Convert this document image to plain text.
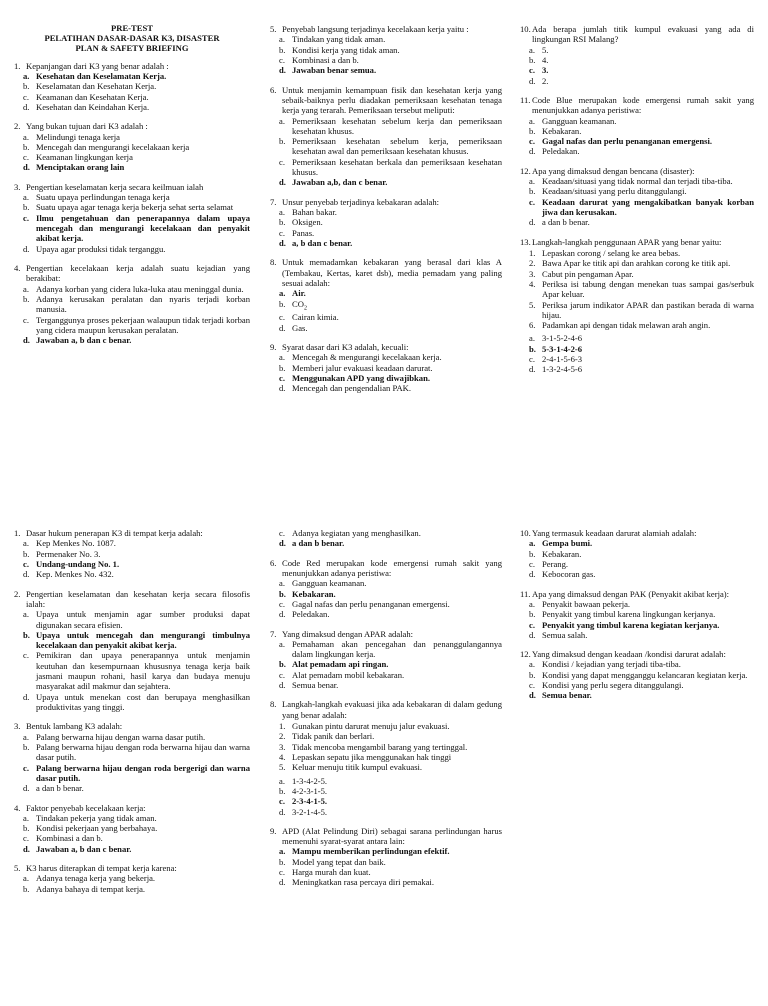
PRE-TEST
PELATIHAN DASAR-DASAR K3, DISASTER
PLAN & SAFETY BRIEFING
1. Kepanjangan dari K3 yang benar adalah :
a. Kesehatan dan Keselamatan Kerja.
b. Keselamatan dan Kesehatan Kerja.
c. Keamanan dan Kesehatan Kerja.
d. Kesehatan dan Keindahan Kerja.
2. Yang bukan tujuan dari K3 adalah :
a. Melindungi tenaga kerja
b. Mencegah dan mengurangi kecelakaan kerja
c. Keamanan lingkungan kerja
d. Menciptakan orang lain
3. Pengertian keselamatan kerja secara keilmuan ialah
a. Suatu upaya perlindungan tenaga kerja
b. Suatu upaya agar tenaga kerja bekerja sehat serta selamat
c. Ilmu pengetahuan dan penerapannya dalam upaya mencegah dan mengurangi kecelakaan dan penyakit akibat kerja.
d. Upaya agar produksi tidak terganggu.
4. Pengertian kecelakaan kerja adalah suatu kejadian yang berakibat:
a. Adanya korban yang cidera luka-luka atau meninggal dunia.
b. Adanya kerusakan peralatan dan nyaris terjadi korban manusia.
c. Terganggunya proses pekerjaan walaupun tidak terjadi korban yang cidera maupun kerusakan peralatan.
d. Jawaban a, b dan c benar.
5. Penyebab langsung terjadinya kecelakaan kerja yaitu :
a. Tindakan yang tidak aman.
b. Kondisi kerja yang tidak aman.
c. Kombinasi a dan b.
d. Jawaban benar semua.
6. Untuk menjamin kemampuan fisik dan kesehatan kerja yang sebaik-baiknya perlu diadakan pemeriksaan kesehatan tenaga kerja yang terarah. Pemeriksaan tersebut meliputi:
a. Pemeriksaan kesehatan sebelum kerja dan pemeriksaan kesehatan khusus.
b. Pemeriksaan kesehatan sebelum kerja, pemeriksaan kesehatan awal dan pemeriksaan kesehatan khusus.
c. Pemeriksaan kesehatan berkala dan pemeriksaan kesehatan khusus.
d. Jawaban a,b, dan c benar.
7. Unsur penyebab terjadinya kebakaran adalah:
a. Bahan bakar.
b. Oksigen.
c. Panas.
d. a, b dan c benar.
8. Untuk memadamkan kebakaran yang berasal dari klas A (Tembakau, Kertas, karet dsb), media pemadam yang paling sesuai adalah:
a. Air.
b. $CO_2$
c. Cairan kimia.
d. Gas.
9. Syarat dasar dari K3 adalah, kecuali:
a. Mencegah & mengurangi kecelakaan kerja.
b. Memberi jalur evakuasi keadaan darurat.
c. Menggunakan APD yang diwajibkan.
d. Mencegah dan pengendalian PAK.
10.Ada berapa jumlah titik kumpul evakuasi yang ada di lingkungan RSI Malang?
a. 5.
b. 4.
c. 3.
d. 2.
11. Code Blue merupakan kode emergensi rumah sakit yang menunjukkan adanya peristiwa:
a. Gangguan keamanan.
b. Kebakaran.
c. Gagal nafas dan perlu penanganan emergensi.
d. Peledakan.
12.Apa yang dimaksud dengan bencana (disaster):
a. Keadaan/situasi yang tidak normal dan terjadi tiba-tiba.
b. Keadaan/situasi yang perlu ditanggulangi.
c. Keadaan darurat yang mengakibatkan banyak korban jiwa dan kerusakan.
d. a dan b benar.
13.Langkah-langkah penggunaan APAR yang benar yaitu:
1. Lepaskan corong / selang ke area bebas.
2. Bawa Apar ke titik api dan arahkan corong ke titik api.
3. Cabut pin pengaman Apar.
4. Periksa isi tabung dengan menekan tuas sampai gas/serbuk Apar keluar.
5. Periksa jarum indikator APAR dan pastikan berada di warna hijau.
6. Padamkan api dengan tidak melawan arah angin.
a. 3-1-5-2-4-6
b. 5-3-1-4-2-6
c. 2-4-1-5-6-3
d. 1-3-2-4-5-6
1. Dasar hukum penerapan K3 di tempat kerja adalah:
a. Kep Menkes No. 1087.
b. Permenaker No. 3.
c. Undang-undang No. 1.
d. Kep. Menkes No. 432.
2. Pengertian keselamatan dan kesehatan kerja secara filosofis ialah:
a. Upaya untuk menjamin agar sumber produksi dapat digunakan secara efisien.
b. Upaya untuk mencegah dan mengurangi timbulnya kecelakaan dan penyakit akibat kerja.
c. Pemikiran dan upaya penerapannya untuk menjamin keutuhan dan kesempurnaan khususnya tenaga kerja baik jasmani maupun rohani, hasil karya dan budaya menuju masyarakat adil makmur dan sejahtera.
d. Upaya untuk menekan cost dan berupaya menghasilkan produktivitas yang tinggi.
3. Bentuk lambang K3 adalah:
a. Palang berwarna hijau dengan warna dasar putih.
b. Palang berwarna hijau dengan roda berwarna hijau dan warna dasar putih.
c. Palang berwarna hijau dengan roda bergerigi dan warna dasar putih.
d. a dan b benar.
4. Faktor penyebab kecelakaan kerja:
a. Tindakan pekerja yang tidak aman.
b. Kondisi pekerjaan yang berbahaya.
c. Kombinasi a dan b.
d. Jawaban a, b dan c benar.
5. K3 harus diterapkan di tempat kerja karena:
a. Adanya tenaga kerja yang bekerja.
b. Adanya bahaya di tempat kerja.
c. Adanya kegiatan yang menghasilkan.
d. a dan b benar.
6. Code Red merupakan kode emergensi rumah sakit yang menunjukkan adanya peristiwa:
a. Gangguan keamanan.
b. Kebakaran.
c. Gagal nafas dan perlu penanganan emergensi.
d. Peledakan.
7. Yang dimaksud dengan APAR adalah:
a. Pemahaman akan pencegahan dan penanggulangannya dalam lingkungan kerja.
b. Alat pemadam api ringan.
c. Alat pemadam mobil kebakaran.
d. Semua benar.
8. Langkah-langkah evakuasi jika ada kebakaran di dalam gedung yang benar adalah:
1. Gunakan pintu darurat menuju jalur evakuasi.
2. Tidak panik dan berlari.
3. Tidak mencoba mengambil barang yang tertinggal.
4. Lepaskan sepatu jika menggunakan hak tinggi
5. Keluar menuju titik kumpul evakuasi.
a. 1-3-4-2-5.
b. 4-2-3-1-5.
c. 2-3-4-1-5.
d. 3-2-1-4-5.
9. APD (Alat Pelindung Diri) sebagai sarana perlindungan harus memenuhi syarat-syarat antara lain:
a. Mampu memberikan perlindungan efektif.
b. Model yang tepat dan baik.
c. Harga murah dan kuat.
d. Meningkatkan rasa percaya diri pemakai.
10.Yang termasuk keadaan darurat alamiah adalah:
a. Gempa bumi.
b. Kebakaran.
c. Perang.
d. Kebocoran gas.
11. Apa yang dimaksud dengan PAK (Penyakit akibat kerja):
a. Penyakit bawaan pekerja.
b. Penyakit yang timbul karena lingkungan kerjanya.
c. Penyakit yang timbul karena kegiatan kerjanya.
d. Semua salah.
12.Yang dimaksud dengan keadaan /kondisi darurat adalah:
a. Kondisi / kejadian yang terjadi tiba-tiba.
b. Kondisi yang dapat mengganggu kelancaran kegiatan kerja.
c. Kondisi yang perlu segera ditanggulangi.
d. Semua benar.
